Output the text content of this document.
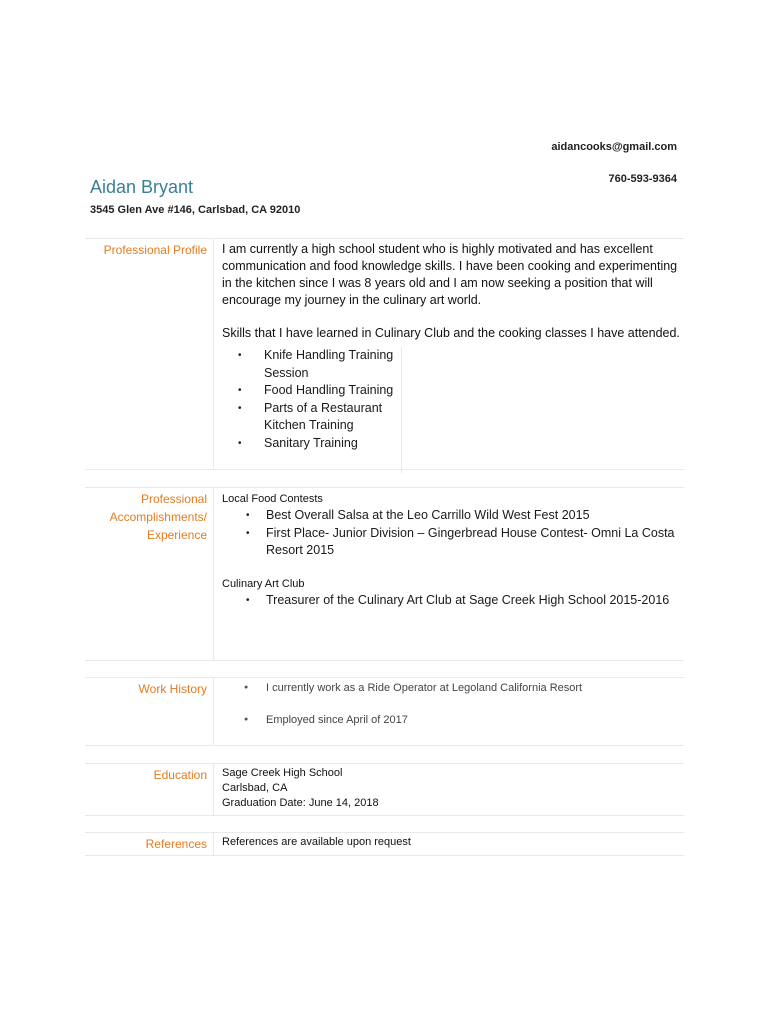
aidancooks@gmail.com
760-593-9364
Aidan Bryant
3545 Glen Ave #146, Carlsbad, CA 92010
Professional Profile I am currently a high school student who is highly motivated and has excellent communication and food knowledge skills. I have been cooking and experimenting in the kitchen since I was 8 years old and I am now seeking a position that will encourage my journey in the culinary art world.

Skills that I have learned in Culinary Club and the cooking classes I have attended.

• Knife Handling Training Session
• Food Handling Training
• Parts of a Restaurant Kitchen Training
• Sanitary Training
Professional
Accomplishments/
Experience

Local Food Contests

• Best Overall Salsa at the Leo Carrillo Wild West Fest 2015
• First Place- Junior Division – Gingerbread House Contest- Omni La Costa Resort 2015

Culinary Art Club

• Treasurer of the Culinary Art Club at Sage Creek High School 2015-2016
Work History
●	I currently work as a Ride Operator at Legoland California Resort
● Employed since April of 2017
Education Sage Creek High School

Carlsbad, CA

Graduation Date: June 14, 2018

References References are available upon request
